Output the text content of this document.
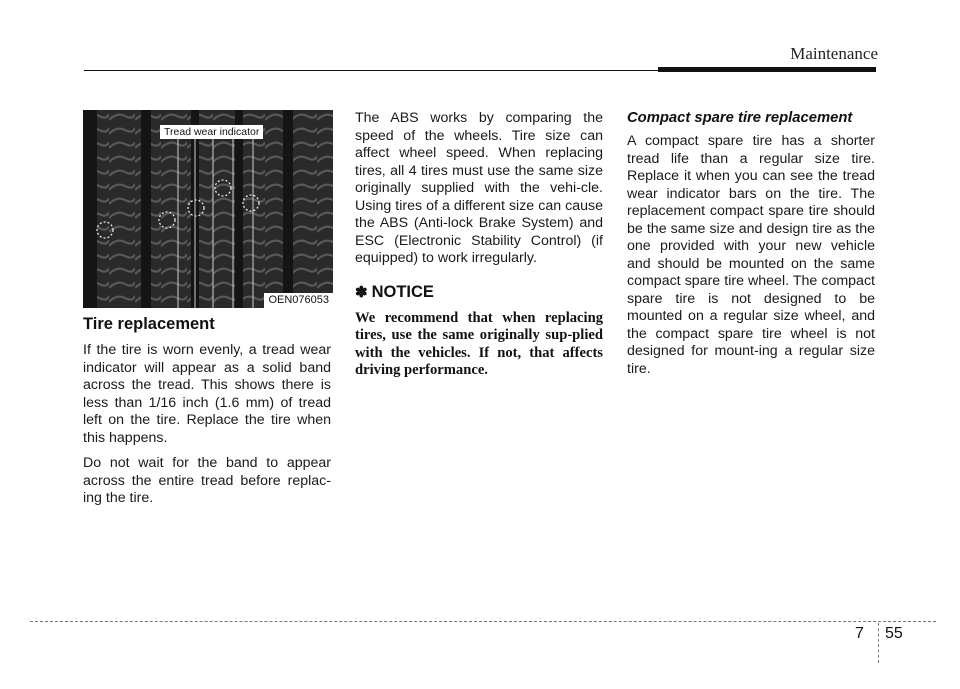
Maintenance
Tread wear indicator
OEN076053
Tire replacement

If the tire is worn evenly, a tread wear indicator will appear as a solid band across the tread. This shows there is less than 1/16 inch (1.6 mm) of tread left on the tire. Replace the tire when this happens.

Do not wait for the band to appear across the entire tread before replac-ing the tire.

The ABS works by comparing the speed of the wheels. Tire size can affect wheel speed. When replacing tires, all 4 tires must use the same size originally supplied with the vehi-cle. Using tires of a different size can cause the ABS (Anti-lock Brake System) and ESC (Electronic Stability Control) (if equipped) to work irregularly.

✽ NOTICE

We recommend that when replacing tires, use the same originally sup-plied with the vehicles. If not, that affects driving performance.

Compact spare tire replacement

A compact spare tire has a shorter tread life than a regular size tire. Replace it when you can see the tread wear indicator bars on the tire. The replacement compact spare tire should be the same size and design tire as the one provided with your new vehicle and should be mounted on the same compact spare tire wheel. The compact spare tire is not designed to be mounted on a regular size wheel, and the compact spare tire wheel is not designed for mount-ing a regular size tire.

7 55
